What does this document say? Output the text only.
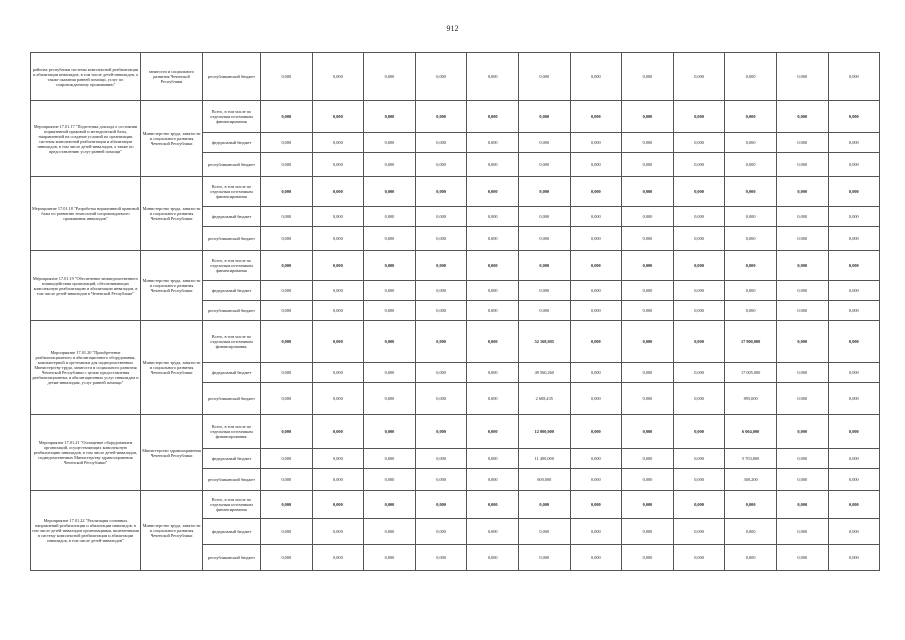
912
районах республики системы комплексной реабилитации и абилитации инвалидов, в том числе детей-инвалидов, а также оказания ранней помощи, услуг по сопровождаемому проживанию"	занятости и социального развития Чеченской Республики	республиканский бюджет	0,000	0,000	0,000	0,000	0,000	0,000	0,000	0,000	0,000	0,000	0,000	0,000
Мероприятие 17.01.17 "Подготовка доклада о состоянии нормативной правовой и методической базы, направленной на создание условий по организации системы комплексной реабилитации и абилитации инвалидов, в том числе детей-инвалидов, а также по предоставлению услуг ранней помощи"	Министерство труда, занятости и социального развития Чеченской Республики	Всего, в том числе по отдельным источникам финансирования	0,000	0,000	0,000	0,000	0,000	0,000	0,000	0,000	0,000	0,000	0,000	0,000
		федеральный бюджет	0,000	0,000	0,000	0,000	0,000	0,000	0,000	0,000	0,000	0,000	0,000	0,000
		республиканский бюджет	0,000	0,000	0,000	0,000	0,000	0,000	0,000	0,000	0,000	0,000	0,000	0,000
Мероприятие 17.01.18 "Разработка нормативной правовой базы по развитию технологий сопровождаемого проживания инвалидов"	Министерство труда, занятости и социального развития Чеченской Республики	Всего, в том числе по отдельным источникам финансирования	0,000	0,000	0,000	0,000	0,000	0,000	0,000	0,000	0,000	0,000	0,000	0,000
		федеральный бюджет	0,000	0,000	0,000	0,000	0,000	0,000	0,000	0,000	0,000	0,000	0,000	0,000
		республиканский бюджет	0,000	0,000	0,000	0,000	0,000	0,000	0,000	0,000	0,000	0,000	0,000	0,000
Мероприятие 17.01.19 "Обеспечение межведомственного взаимодействия организаций, обеспечивающих комплексную реабилитацию и абилитацию инвалидов, в том числе детей-инвалидов в Чеченской Республике"	Министерство труда, занятости и социального развития Чеченской Республики	Всего, в том числе по отдельным источникам финансирования	0,000	0,000	0,000	0,000	0,000	0,000	0,000	0,000	0,000	0,000	0,000	0,000
		федеральный бюджет	0,000	0,000	0,000	0,000	0,000	0,000	0,000	0,000	0,000	0,000	0,000	0,000
		республиканский бюджет	0,000	0,000	0,000	0,000	0,000	0,000	0,000	0,000	0,000	0,000	0,000	0,000
Мероприятие 17.01.20 "Приобретение реабилитационного и абилитационного оборудования, компьютерной и оргтехники для подведомственных Министерству труда, занятости и социального развития Чеченской Республики с целью предоставления реабилитационных и абилитационных услуг инвалидам и детям-инвалидам, услуг ранней помощи"	Министерство труда, занятости и социального развития Чеченской Республики	Всего, в том числе по отдельным источникам финансирования:	0,000	0,000	0,000	0,000	0,000	52 168,695	0,000	0,000	0,000	17 900,000	0,000	0,000
		федеральный бюджет	0,000	0,000	0,000	0,000	0,000	49 560,260	0,000	0,000	0,000	17 005,000	0,000	0,000
		республиканский бюджет	0,000	0,000	0,000	0,000	0,000	2 608,435	0,000	0,000	0,000	895,000	0,000	0,000
Мероприятие 17.01.21 "Оснащение оборудованием организаций, осуществляющих комплексную реабилитацию инвалидов, в том числе детей-инвалидов, подведомственных Министерству здравоохранения Чеченской Республики"	Министерство здравоохранения Чеченской Республики	Всего, в том числе по отдельным источникам финансирования:	0,000	0,000	0,000	0,000	0,000	12 000,000	0,000	0,000	0,000	6 004,000	0,000	0,000
		федеральный бюджет	0,000	0,000	0,000	0,000	0,000	11 400,000	0,000	0,000	0,000	5 703,800	0,000	0,000
		республиканский бюджет	0,000	0,000	0,000	0,000	0,000	600,000	0,000	0,000	0,000	300,200	0,000	0,000
Мероприятие 17.01.22 "Реализация основных направлений реабилитации и абилитации инвалидов, в том числе детей-инвалидов организациями, включенными в систему комплексной реабилитации и абилитации инвалидов, в том числе детей-инвалидов"	Министерство труда, занятости и социального развития Чеченской Республики	Всего, в том числе по отдельным источникам финансирования	0,000	0,000	0,000	0,000	0,000	0,000	0,000	0,000	0,000	0,000	0,000	0,000
		федеральный бюджет	0,000	0,000	0,000	0,000	0,000	0,000	0,000	0,000	0,000	0,000	0,000	0,000
		республиканский бюджет	0,000	0,000	0,000	0,000	0,000	0,000	0,000	0,000	0,000	0,000	0,000	0,000
